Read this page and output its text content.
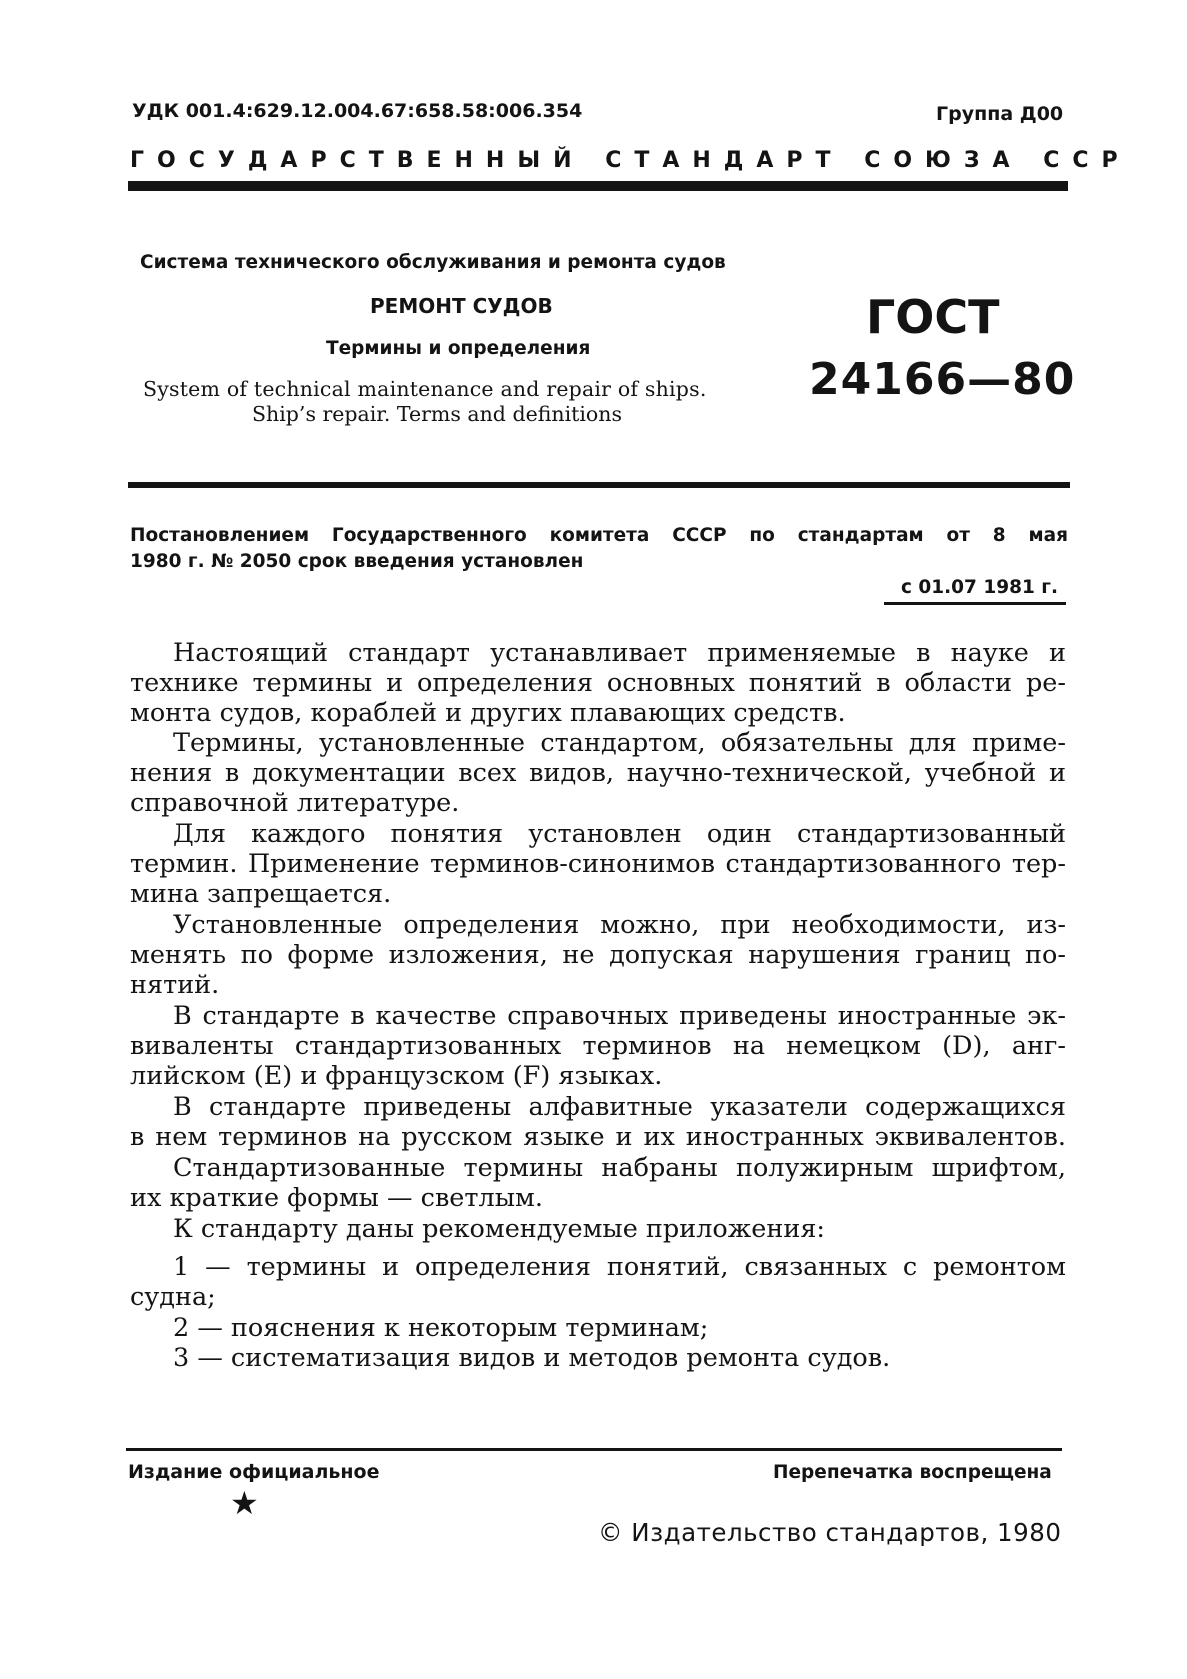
УДК 001.4:629.12.004.67:658.58:006.354	Группа Д00
ГОСУДАРСТВЕННЫЙ СТАНДАРТ СОЮЗА ССР
Система технического обслуживания и ремонта судов
РЕМОНТ СУДОВ
Термины и определения
System of technical maintenance and repair of ships.
Ship’s repair. Terms and definitions
ГОСТ
24166—80
Постановлением Государственного комитета СССР по стандартам от 8 мая
1980 г. № 2050 срок введения установлен
с 01.07 1981 г.
Настоящий стандарт устанавливает применяемые в науке и
технике термины и определения основных понятий в области ре-
монта судов, кораблей и других плавающих средств.
Термины, установленные стандартом, обязательны для приме-
нения в документации всех видов, научно-технической, учебной и
справочной литературе.
Для каждого понятия установлен один стандартизованный
термин. Применение терминов-синонимов стандартизованного тер-
мина запрещается.
Установленные определения можно, при необходимости, из-
менять по форме изложения, не допуская нарушения границ по-
нятий.
В стандарте в качестве справочных приведены иностранные эк-
виваленты стандартизованных терминов на немецком (D), анг-
лийском (E) и французском (F) языках.
В стандарте приведены алфавитные указатели содержащихся
в нем терминов на русском языке и их иностранных эквивалентов.
Стандартизованные термины набраны полужирным шрифтом,
их краткие формы — светлым.
К стандарту даны рекомендуемые приложения:
1 — термины и определения понятий, связанных с ремонтом
судна;
2 — пояснения к некоторым терминам;
3 — систематизация видов и методов ремонта судов.
Издание официальное	Перепечатка воспрещена
★
© Издательство стандартов, 1980
